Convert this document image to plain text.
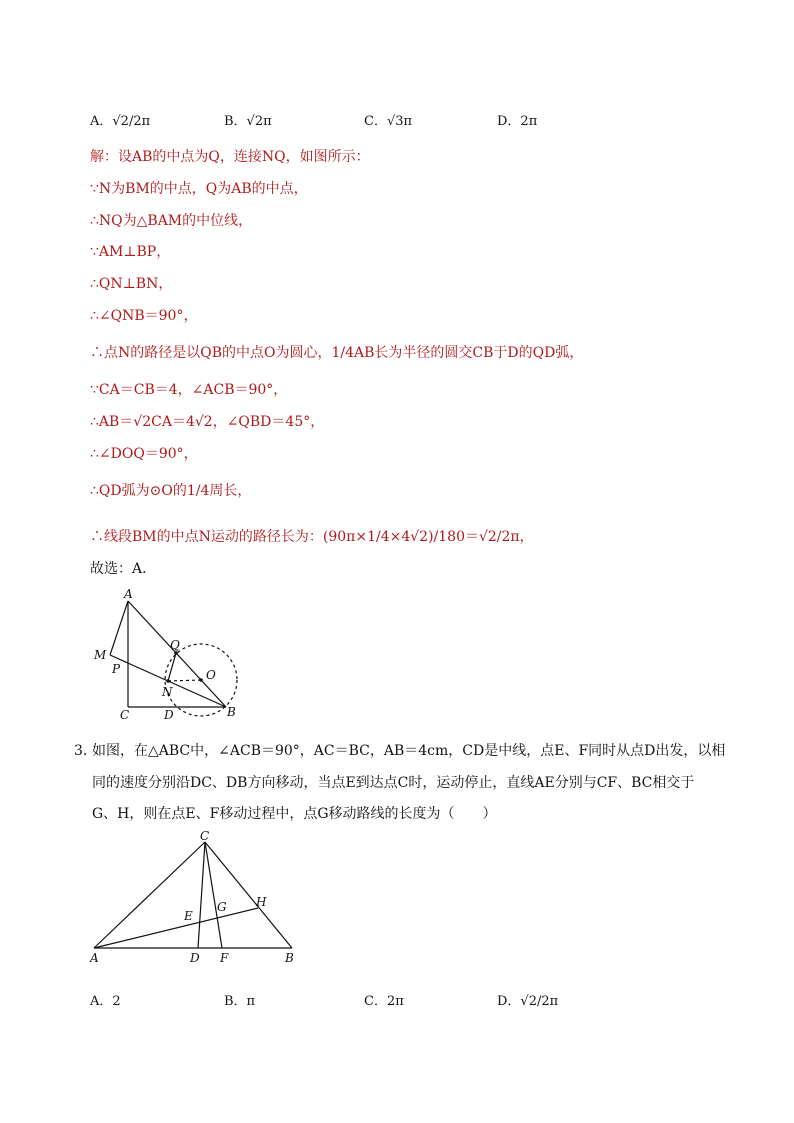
A．√2/2π	B．√2π	C．√3π	D．2π
解：设AB的中点为Q，连接NQ，如图所示：
∵N为BM的中点，Q为AB的中点，
∴NQ为△BAM的中位线，
∵AM⊥BP，
∴QN⊥BN，
∴∠QNB＝90°，
∴点N的路径是以QB的中点O为圆心，1/4AB长为半径的圆交CB于D的QD弧，
∵CA＝CB＝4，∠ACB＝90°，
∴AB＝√2CA＝4√2，∠QBD＝45°，
∴∠DOQ＝90°，
∴QD弧为⊙O的1/4周长，
∴线段BM的中点N运动的路径长为：(90π×1/4×4√2)/180＝√2/2π，
故选：A．
A
M
P
Q
O
N
C	D	B
3．
如图，在△ABC中，∠ACB＝90°，AC＝BC，AB＝4cm，CD是中线，点E、F同时从点D出发，以相
同的速度分别沿DC、DB方向移动，当点E到达点C时，运动停止，直线AE分别与CF、BC相交于
G、H，则在点E、F移动过程中，点G移动路线的长度为（　　）
C
H
E
G
A	D F	B
A．2	B．π	C．2π	D．√2/2π
